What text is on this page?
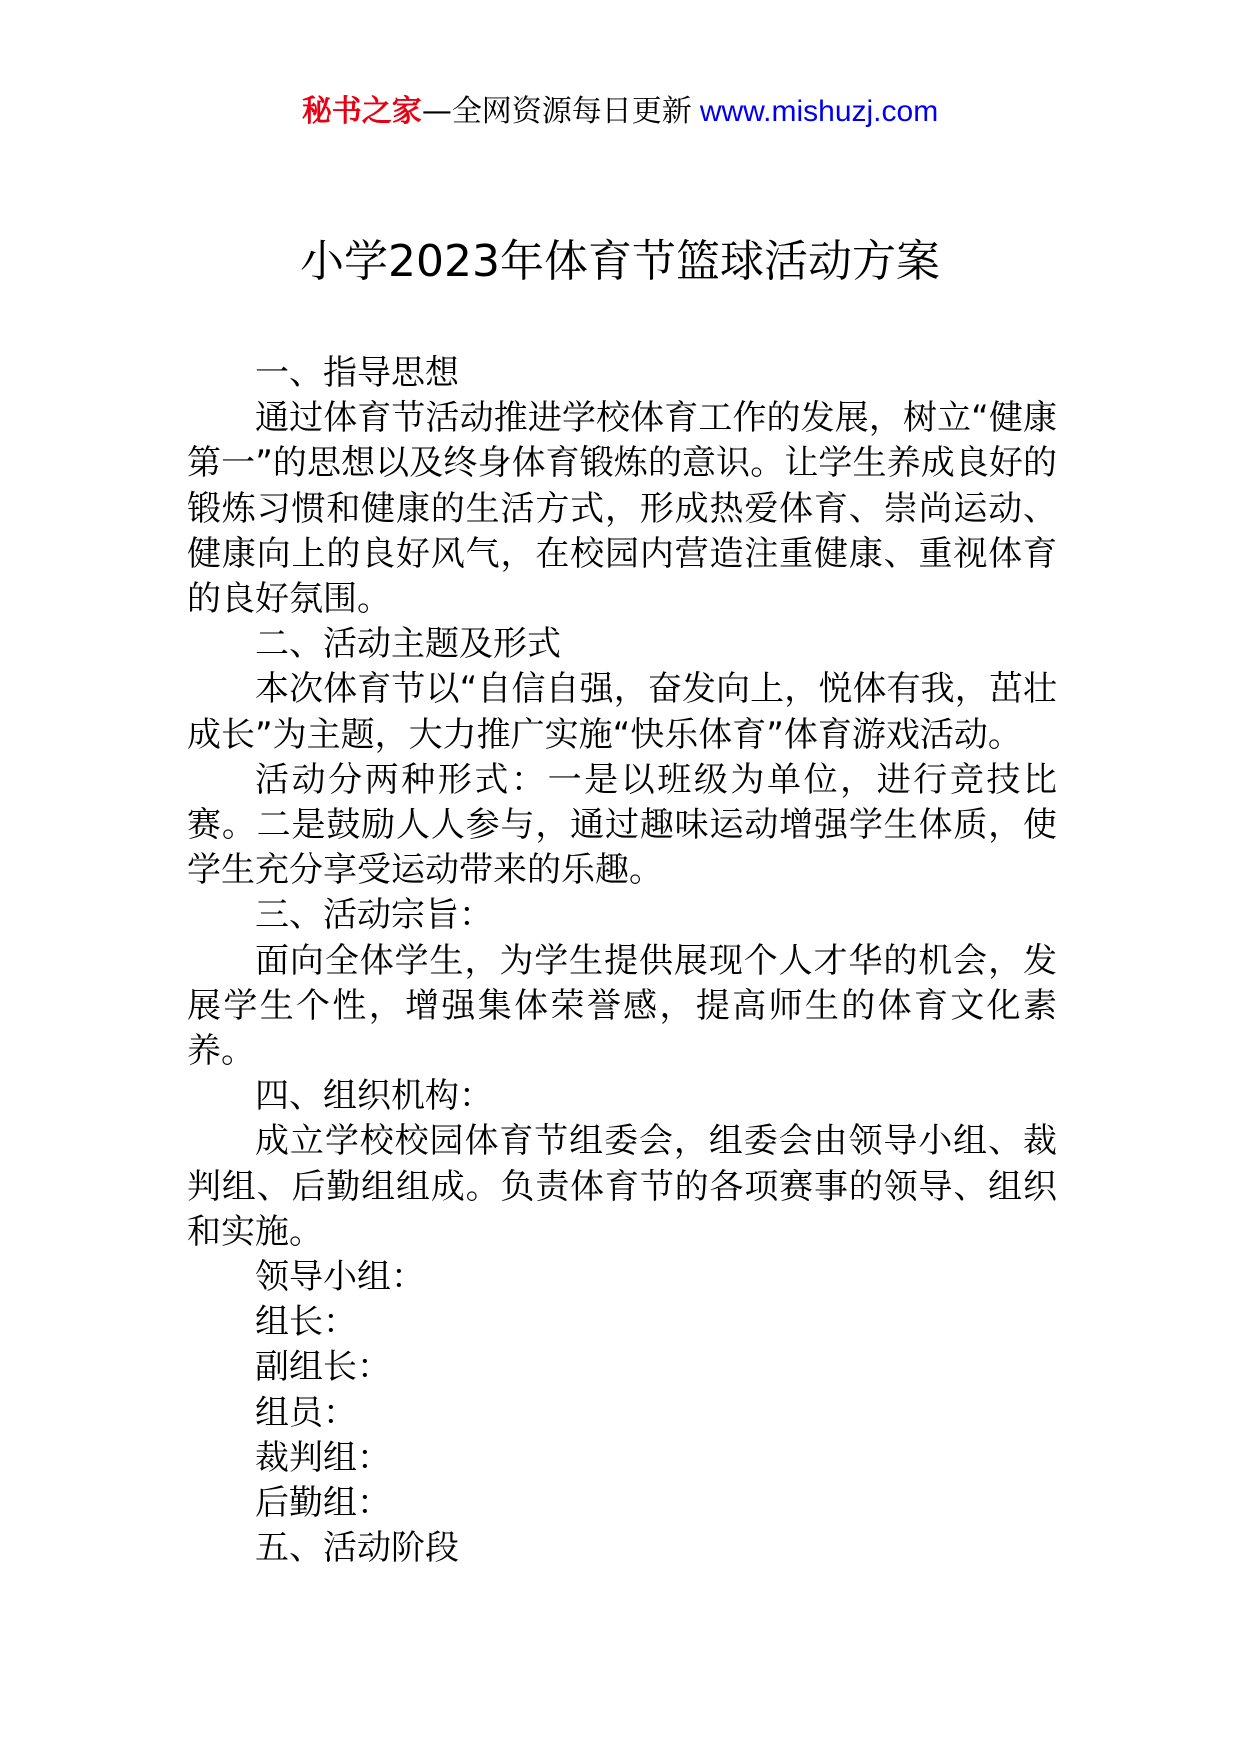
秘书之家—全网资源每日更新 www.mishuzj.com
小学2023年体育节篮球活动方案

一、指导思想

通过体育节活动推进学校体育工作的发展，树立“健康第一”的思想以及终身体育锻炼的意识。让学生养成良好的锻炼习惯和健康的生活方式，形成热爱体育、崇尚运动、健康向上的良好风气，在校园内营造注重健康、重视体育的良好氛围。

二、活动主题及形式

本次体育节以“自信自强，奋发向上，悦体有我，茁壮成长”为主题，大力推广实施“快乐体育”体育游戏活动。

活动分两种形式：一是以班级为单位，进行竞技比赛。二是鼓励人人参与，通过趣味运动增强学生体质，使学生充分享受运动带来的乐趣。

三、活动宗旨：

面向全体学生，为学生提供展现个人才华的机会，发展学生个性，增强集体荣誉感，提高师生的体育文化素养。

四、组织机构：

成立学校校园体育节组委会，组委会由领导小组、裁判组、后勤组组成。负责体育节的各项赛事的领导、组织和实施。

领导小组：

组长：

副组长：

组员：

裁判组：

后勤组：

五、活动阶段
